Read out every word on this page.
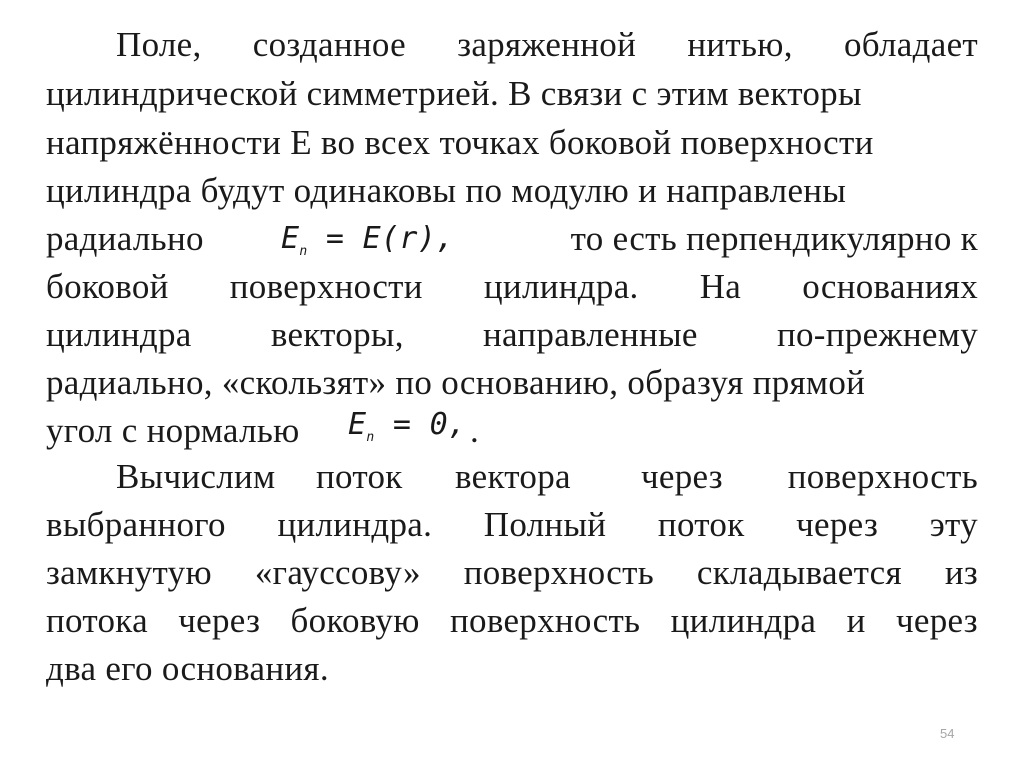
Поле, созданное заряженной нитью, обладает
цилиндрической симметрией. В связи с этим векторы
напряжённости Е во всех точках боковой поверхности
цилиндра будут одинаковы по модулю и направлены
радиально	$E_n = E(r)$,	то есть перпендикулярно к
боковой поверхности цилиндра. На основаниях
цилиндра векторы, направленные по-прежнему
радиально, «скользят» по основанию, образуя прямой
угол с нормалью $E_n = 0$, .
Вычислим поток вектора через поверхность
выбранного цилиндра. Полный поток через эту
замкнутую «гауссову» поверхность складывается из
потока через боковую поверхность цилиндра и через
два его основания.
54
